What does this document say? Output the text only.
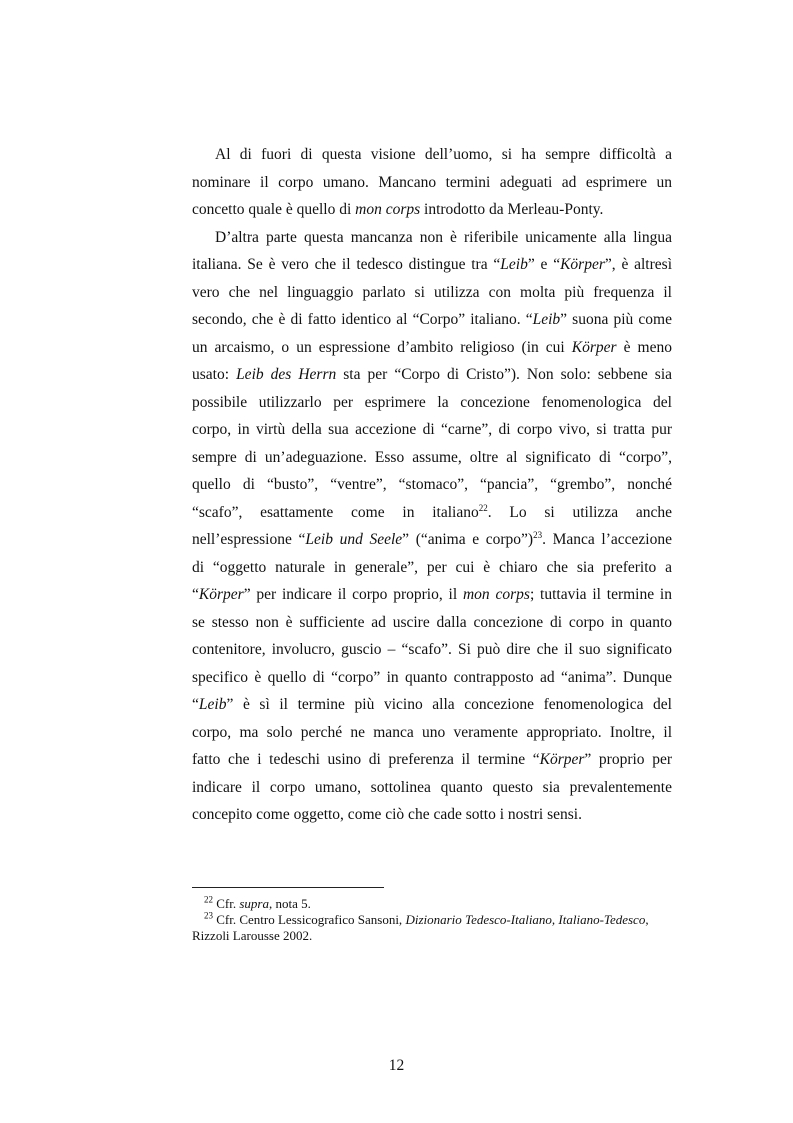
Al di fuori di questa visione dell’uomo, si ha sempre difficoltà a
nominare il corpo umano. Mancano termini adeguati ad esprimere un
concetto quale è quello di mon corps introdotto da Merleau-Ponty.
D’altra parte questa mancanza non è riferibile unicamente alla lingua
italiana. Se è vero che il tedesco distingue tra “Leib” e “Körper”, è altresì
vero che nel linguaggio parlato si utilizza con molta più frequenza il
secondo, che è di fatto identico al “Corpo” italiano. “Leib” suona più come
un arcaismo, o un espressione d’ambito religioso (in cui Körper è meno
usato: Leib des Herrn sta per “Corpo di Cristo”). Non solo: sebbene sia
possibile utilizzarlo per esprimere la concezione fenomenologica del
corpo, in virtù della sua accezione di “carne”, di corpo vivo, si tratta pur
sempre di un’adeguazione. Esso assume, oltre al significato di “corpo”,
quello di “busto”, “ventre”, “stomaco”, “pancia”, “grembo”, nonché
“scafo”, esattamente come in italiano$^{22}$. Lo si utilizza anche
nell’espressione “Leib und Seele” (“anima e corpo”)$^{23}$. Manca l’accezione
di “oggetto naturale in generale”, per cui è chiaro che sia preferito a
“Körper” per indicare il corpo proprio, il mon corps; tuttavia il termine in
se stesso non è sufficiente ad uscire dalla concezione di corpo in quanto
contenitore, involucro, guscio – “scafo”. Si può dire che il suo significato
specifico è quello di “corpo” in quanto contrapposto ad “anima”. Dunque
“Leib” è sì il termine più vicino alla concezione fenomenologica del
corpo, ma solo perché ne manca uno veramente appropriato. Inoltre, il
fatto che i tedeschi usino di preferenza il termine “Körper” proprio per
indicare il corpo umano, sottolinea quanto questo sia prevalentemente
concepito come oggetto, come ciò che cade sotto i nostri sensi.
$^{22}$ Cfr. supra, nota 5.
$^{23}$ Cfr. Centro Lessicografico Sansoni, Dizionario Tedesco-Italiano, Italiano-Tedesco,
Rizzoli Larousse 2002.
12
